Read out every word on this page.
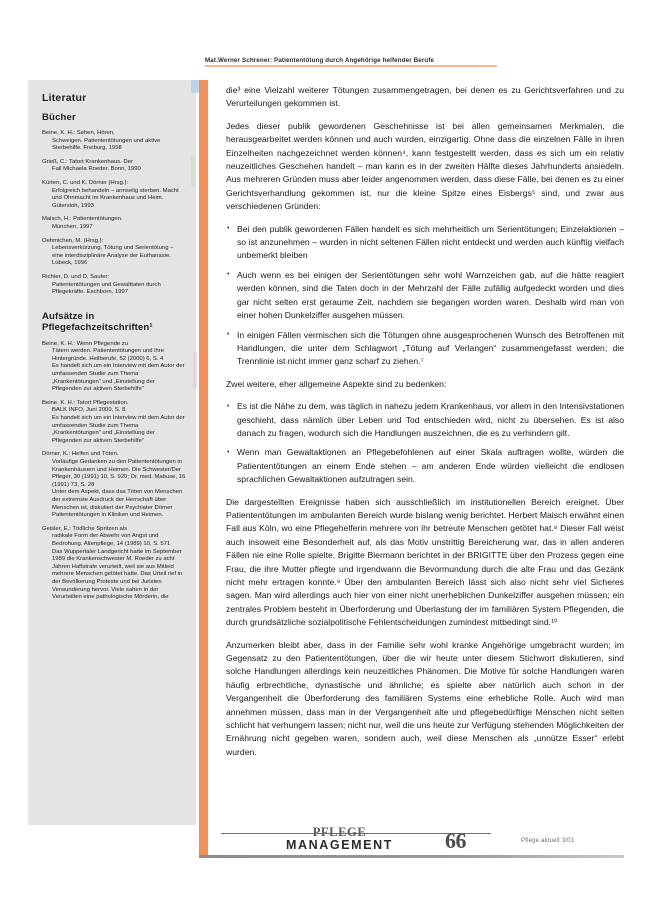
Mat.Werner Schrener: Patiententötung durch Angehörige helfender Berufe
Literatur
Bücher
Beine, K. H.: Sehen, Hören,
Schweigen. Patiententötungen und aktive Sterbehilfe. Freiburg, 1998
Grieß, C.: Tatort Krankenhaus. Der
Fall Michaela Roeder. Bonn, 1990
Kürten, C. und K. Dörner (Hrsg.):
Erfolgreich behandeln – armselig sterben. Macht und Ohnmacht im Krankenhaus und Heim. Gütersloh, 1993
Maisch, H.: Patiententötungen.
München, 1997
Oehmichen, M. (Hrsg.):
Lebensverkürzung, Tötung und Serientötung – eine interdisziplinäre Analyse der Euthanasie. Lübeck, 1996
Richter, D. und D. Sauter:
Patiententötungen und Gewalttaten durch Pflegekräfte. Eschborn, 1997
Aufsätze in Pflegefachzeitschriften¹
Beine, K. H.: Wenn Pflegende zu
Tätern werden. Patiententötungen und ihre Hintergründe. Heilberufe, 52 (2000) 6, S. 4
Es handelt sich um ein Interview mit dem Autor der umfassenden Studie zum Thema „Krankentötungen“ und „Einstellung der Pflegenden zur aktiven Sterbehilfe“
Beine, K. H.: Tatort Pflegestation.
BALK INFO, Juni 2000, S. 8
Es handelt sich um ein Interview mit dem Autor der umfassenden Studie zum Thema „Krankentötungen“ und „Einstellung der Pflegenden zur aktiven Sterbehilfe“
Dörner, K.: Helfen und Töten.
Vorläufige Gedanken zu den Patiententötungen in Krankenhäusern und Heimen. Die Schwester/Der Pfleger, 30 (1991) 10, S. 920; Dr. med. Mabuse, 16 (1991) 73, S. 28
Unter dem Aspekt, dass das Töten von Menschen der extremste Ausdruck der Herrschaft über Menschen ist, diskutiert der Psychiater Dörner Patiententötungen in Kliniken und Heimen.
Geisler, E.: Tödliche Spritzen als
radikale Form der Abwehr von Angst und Bedrohung. Altenpflege, 14 (1989) 10, S. 571
Das Wuppertaler Landgericht hatte im September 1989 die Krankenschwester M. Roeder zu acht Jahren Haftstrafe verurteilt, weil sie aus Mitleid mehrere Menschen getötet hatte. Das Urteil rief in der Bevölkerung Proteste und bei Juristen Verwunderung hervor. Viele sahen in der Verurteilten eine pathologische Mörderin, die

die³ eine Vielzahl weiterer Tötungen zusammengetragen, bei denen es zu Gerichtsverfahren und zu Verurteilungen gekommen ist.

Jedes dieser publik gewordenen Geschehnisse ist bei allen gemeinsamen Merkmalen, die herausgearbeitet werden können und auch wurden, einzigartig. Ohne dass die einzelnen Fälle in ihren Einzelheiten nachgezeichnet werden können⁴, kann festgestellt werden, dass es sich um ein relativ neuzeitliches Geschehen handelt – man kann es in der zweiten Hälfte dieses Jahrhunderts ansiedeln. Aus mehreren Gründen muss aber leider angenommen werden, dass diese Fälle, bei denen es zu einer Gerichtsverhandlung gekommen ist, nur die kleine Spitze eines Eisbergs⁵ sind, und zwar aus verschiedenen Gründen:

• Bei den publik gewordenen Fällen handelt es sich mehrheitlich um Serientötungen; Einzelaktionen – so ist anzunehmen – wurden in nicht seltenen Fällen nicht entdeckt und werden auch künftig vielfach unbemerkt bleiben
• Auch wenn es bei einigen der Serientötungen sehr wohl Warnzeichen gab, auf die hätte reagiert werden können, sind die Taten doch in der Mehrzahl der Fälle zufällig aufgedeckt worden und dies gar nicht selten erst geraume Zeit, nachdem sie begangen worden waren. Deshalb wird man von einer hohen Dunkelziffer ausgehen müssen.
• In einigen Fällen vermischen sich die Tötungen ohne ausgesprochenen Wunsch des Betroffenen mit Handlungen, die unter dem Schlagwort „Tötung auf Verlangen“ zusammengefasst werden; die Trennlinie ist nicht immer ganz scharf zu ziehen.⁷

Zwei weitere, eher allgemeine Aspekte sind zu bedenken:

• Es ist die Nähe zu dem, was täglich in nahezu jedem Krankenhaus, vor allem in den Intensivstationen geschieht, dass nämlich über Leben und Tod entschieden wird, nicht zu übersehen. Es ist also danach zu fragen, wodurch sich die Handlungen auszeichnen, die es zu verhindern gilt.
• Wenn man Gewaltaktionen an Pflegebefohlenen auf einer Skala auftragen wollte, würden die Patiententötungen an einem Ende stehen – am anderen Ende würden vielleicht die endlosen sprachlichen Gewaltaktionen aufzutragen sein.

Die dargestellten Ereignisse haben sich ausschließlich im institutionellen Bereich ereignet. Über Patiententötungen im ambulanten Bereich wurde bislang wenig berichtet. Herbert Maisch erwähnt einen Fall aus Köln, wo eine Pflegehelferin mehrere von ihr betreute Menschen getötet hat.⁸ Dieser Fall weist auch insoweit eine Besonderheit auf, als das Motiv unstrittig Bereicherung war, das in allen anderen Fällen nie eine Rolle spielte. Brigitte Biermann berichtet in der BRIGITTE über den Prozess gegen eine Frau, die ihre Mutter pflegte und irgendwann die Bevormundung durch die alte Frau und das Gezänk nicht mehr ertragen konnte.⁹ Über den ambulanten Bereich lässt sich also nicht sehr viel Sicheres sagen. Man wird allerdings auch hier von einer nicht unerheblichen Dunkelziffer ausgehen müssen; ein zentrales Problem besteht in Überforderung und Überlastung der im familiären System Pflegenden, die durch grundsätzliche sozialpolitische Fehlentscheidungen zumindest mitbedingt sind.¹⁰

Anzumerken bleibt aber, dass in der Familie sehr wohl kranke Angehörige umgebracht wurden; im Gegensatz zu den Patiententötungen, über die wir heute unter diesem Stichwort diskutieren, sind solche Handlungen allerdings kein neuzeitliches Phänomen. Die Motive für solche Handlungen waren häufig erbrechtliche, dynastische und ähnliche; es spielte aber natürlich auch schon in der Vergangenheit die Überforderung des familiären Systems eine erhebliche Rolle. Auch wird man annehmen müssen, dass man in der Vergangenheit alte und pflegebedürftige Menschen nicht selten schlicht hat verhungern lassen; nicht nur, weil die uns heute zur Verfügung stehenden Möglichkeiten der Ernährung nicht gegeben waren, sondern auch, weil diese Menschen als „unnütze Esser“ erlebt wurden.

PFLEGE
MANAGEMENT	66	Pflege aktuell 3/01
